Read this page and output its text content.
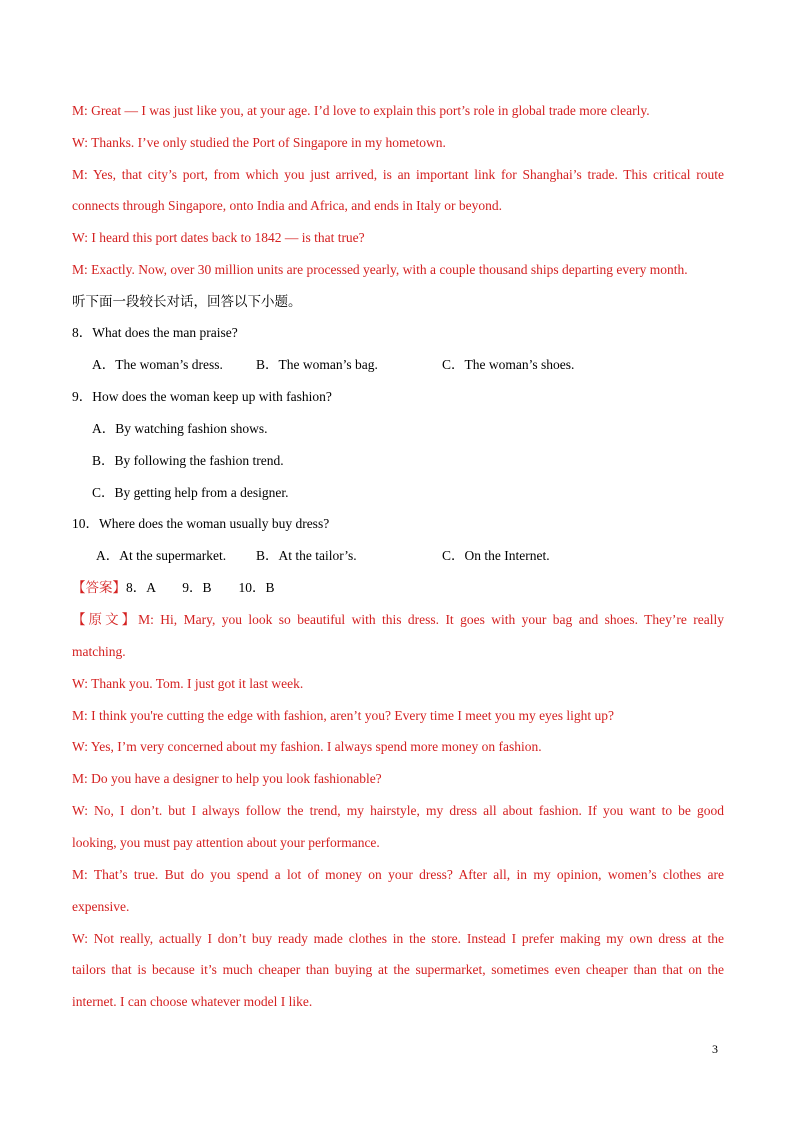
M: Great — I was just like you, at your age. I’d love to explain this port’s role in global trade more clearly.
W: Thanks. I’ve only studied the Port of Singapore in my hometown.
M: Yes, that city’s port, from which you just arrived, is an important link for Shanghai’s trade. This critical route
connects through Singapore, onto India and Africa, and ends in Italy or beyond.
W: I heard this port dates back to 1842 — is that true?
M: Exactly. Now, over 30 million units are processed yearly, with a couple thousand ships departing every month.
听下面一段较长对话，回答以下小题。
8．What does the man praise?
A．The woman’s dress.	B．The woman’s bag.	C．The woman’s shoes.
9．How does the woman keep up with fashion?
A．By watching fashion shows.
B．By following the fashion trend.
C．By getting help from a designer.
10．Where does the woman usually buy dress?
A．At the supermarket.	B．At the tailor’s.	C．On the Internet.
【答案】8．A　　9．B　　10．B
【原文】M: Hi, Mary, you look so beautiful with this dress. It goes with your bag and shoes. They’re really
matching.
W: Thank you. Tom. I just got it last week.
M: I think you're cutting the edge with fashion, aren’t you? Every time I meet you my eyes light up?
W: Yes, I’m very concerned about my fashion. I always spend more money on fashion.
M: Do you have a designer to help you look fashionable?
W: No, I don’t. but I always follow the trend, my hairstyle, my dress all about fashion. If you want to be good
looking, you must pay attention about your performance.
M: That’s true. But do you spend a lot of money on your dress? After all, in my opinion, women’s clothes are
expensive.
W: Not really, actually I don’t buy ready made clothes in the store. Instead I prefer making my own dress at the
tailors that is because it’s much cheaper than buying at the supermarket, sometimes even cheaper than that on the
internet. I can choose whatever model I like.
3
